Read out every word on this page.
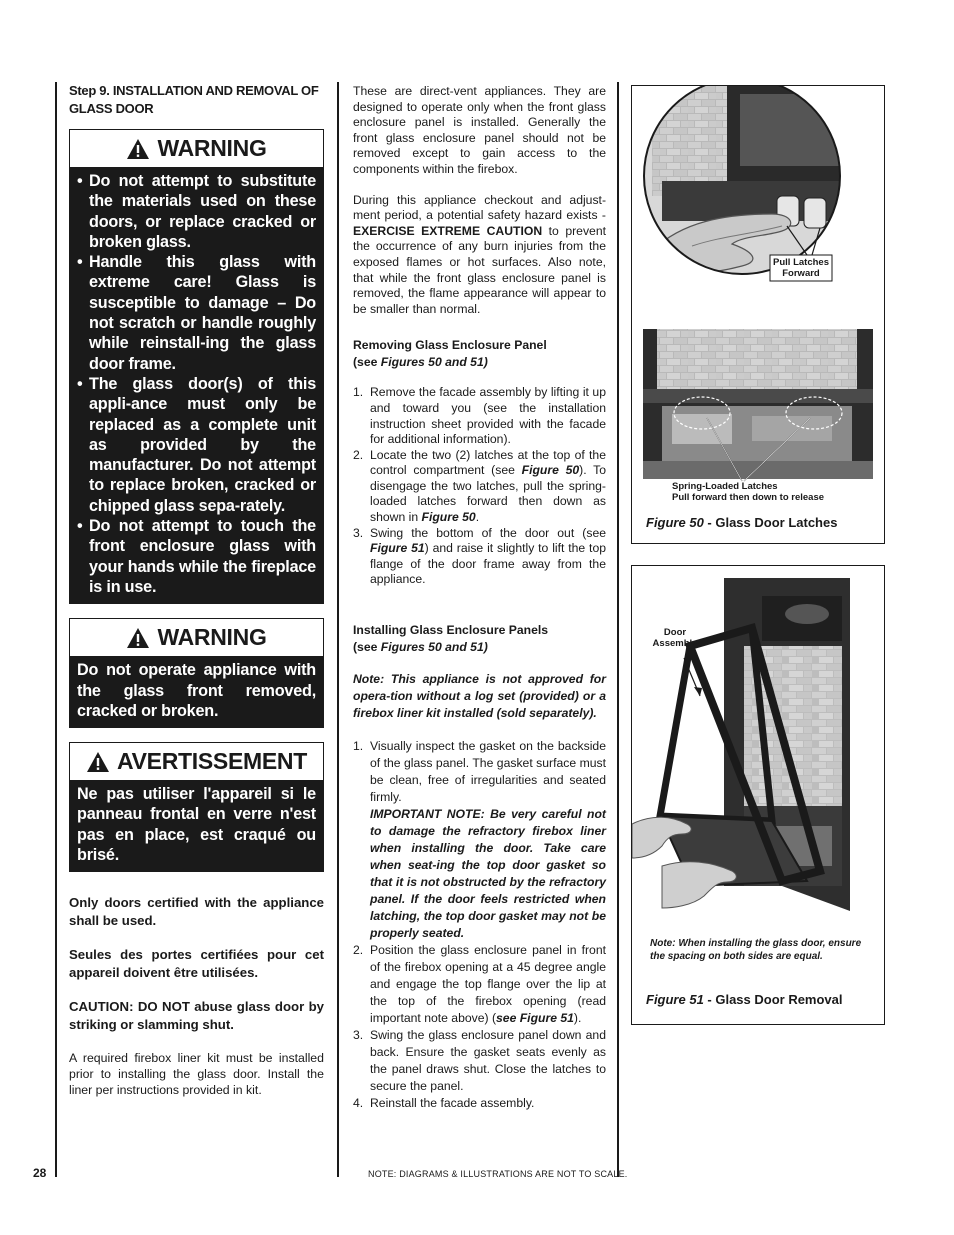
Step 9. INSTALLATION AND REMOVAL OF GLASS DOOR
WARNING
• Do not attempt to substitute the materials used on these doors, or replace cracked or broken glass.
• Handle this glass with extreme care! Glass is susceptible to damage – Do not scratch or handle roughly while reinstall-ing the glass door frame.
• The glass door(s) of this appli-ance must only be replaced as a complete unit as provided by the manufacturer. Do not attempt to replace broken, cracked or chipped glass sepa-rately.
• Do not attempt to touch the front enclosure glass with your hands while the fireplace is in use.
WARNING
Do not operate appliance with the glass front removed, cracked or broken.
AVERTISSEMENT
Ne pas utiliser l'appareil si le panneau frontal en verre n'est pas en place, est craqué ou brisé.

Only doors certified with the appliance shall be used.

Seules des portes certifiées pour cet appareil doivent être utilisées.

CAUTION: DO NOT abuse glass door by striking or slamming shut.

A required firebox liner kit must be installed prior to installing the glass door. Install the liner per instructions provided in kit.

These are direct-vent appliances. They are designed to operate only when the front glass enclosure panel is installed. Generally the front glass enclosure panel should not be removed except to gain access to the components within the firebox.

During this appliance checkout and adjust-ment period, a potential safety hazard exists - EXERCISE EXTREME CAUTION to prevent the occurrence of any burn injuries from the exposed flames or hot surfaces. Also note, that while the front glass enclosure panel is removed, the flame appearance will appear to be smaller than normal.

Removing Glass Enclosure Panel
(see Figures 50 and 51)
1. Remove the facade assembly by lifting it up and toward you (see the installation instruction sheet provided with the facade for additional information).
2. Locate the two (2) latches at the top of the control compartment (see Figure 50). To disengage the two latches, pull the spring-loaded latches forward then down as shown in Figure 50.
3. Swing the bottom of the door out (see Figure 51) and raise it slightly to lift the top flange of the door frame away from the appliance.
Installing Glass Enclosure Panels
(see Figures 50 and 51)

Note: This appliance is not approved for opera-tion without a log set (provided) or a firebox liner kit installed (sold separately).

1. Visually inspect the gasket on the backside of the glass panel. The gasket surface must be clean, free of irregularities and seated firmly.
IMPORTANT NOTE: Be very careful not to damage the refractory firebox liner when installing the door. Take care when seat-ing the top door gasket so that it is not obstructed by the refractory panel. If the door feels restricted when latching, the top door gasket may not be properly seated.
2. Position the glass enclosure panel in front of the firebox opening at a 45 degree angle and engage the top flange over the lip at the top of the firebox opening (read important note above) (see Figure 51).
3. Swing the glass enclosure panel down and back. Ensure the gasket seats evenly as the panel draws shut. Close the latches to secure the panel.
4. Reinstall the facade assembly.
Pull Latches Forward
Spring-Loaded Latches
Pull forward then down to release
Figure 50 - Glass Door Latches
Door Assembly
Note: When installing the glass door, ensure the spacing on both sides are equal.
Figure 51 - Glass Door Removal
28	NOTE: DIAGRAMS & ILLUSTRATIONS ARE NOT TO SCALE.
